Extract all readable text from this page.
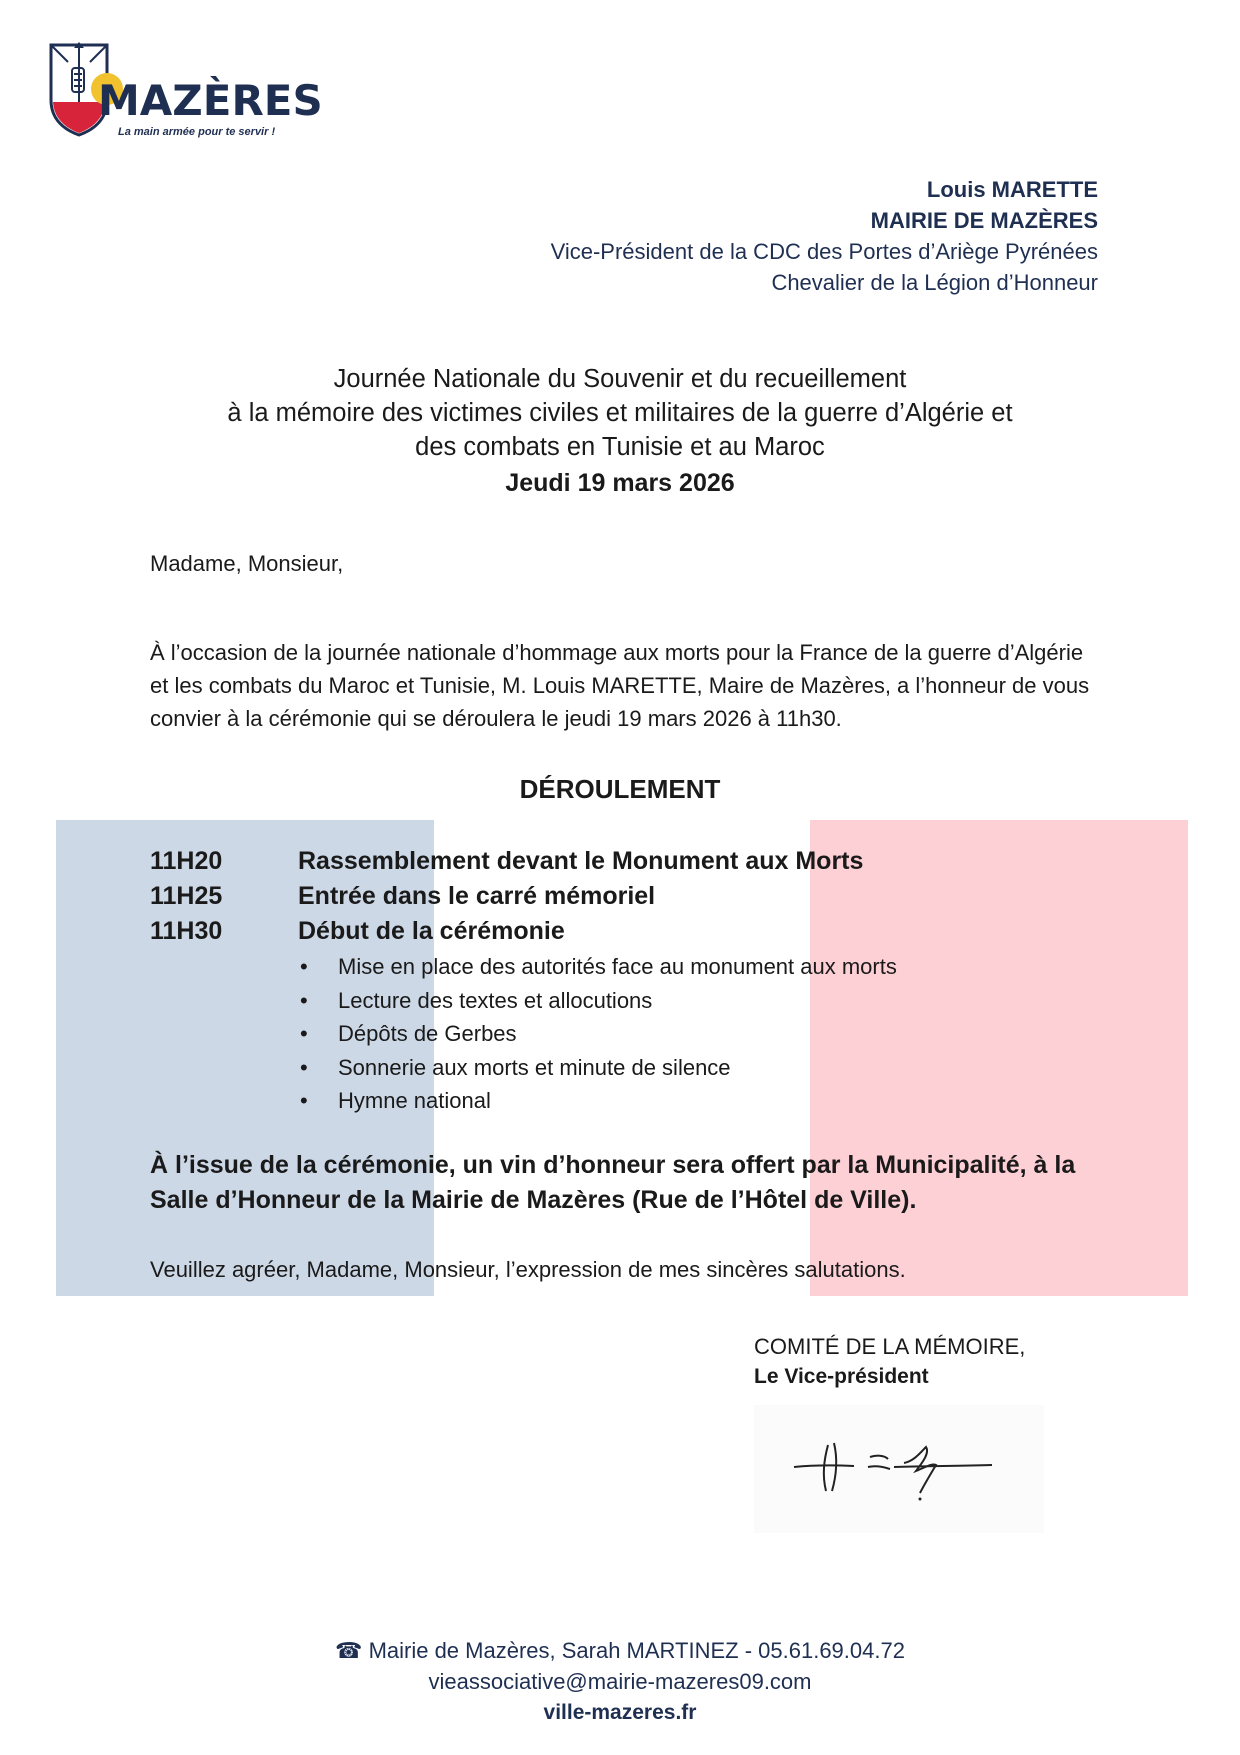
MAZÈRES
La main armée pour te servir !
Louis MARETTE
MAIRIE DE MAZÈRES
Vice-Président de la CDC des Portes d’Ariège Pyrénées
Chevalier de la Légion d’Honneur
Journée Nationale du Souvenir et du recueillement
à la mémoire des victimes civiles et militaires de la guerre d’Algérie et
des combats en Tunisie et au Maroc
Jeudi 19 mars 2026
Madame, Monsieur,
À l’occasion de la journée nationale d’hommage aux morts pour la France de la guerre d’Algérie et les combats du Maroc et Tunisie, M. Louis MARETTE, Maire de Mazères, a l’honneur de vous convier à la cérémonie qui se déroulera le jeudi 19 mars 2026 à 11h30.
DÉROULEMENT
11H20	Rassemblement devant le Monument aux Morts
11H25	Entrée dans le carré mémoriel
11H30	Début de la cérémonie
• Mise en place des autorités face au monument aux morts
• Lecture des textes et allocutions
• Dépôts de Gerbes
• Sonnerie aux morts et minute de silence
• Hymne national
À l’issue de la cérémonie, un vin d’honneur sera offert par la Municipalité, à la Salle d’Honneur de la Mairie de Mazères (Rue de l’Hôtel de Ville).
Veuillez agréer, Madame, Monsieur, l’expression de mes sincères salutations.
COMITÉ DE LA MÉMOIRE,
Le Vice-président
☎ Mairie de Mazères, Sarah MARTINEZ - 05.61.69.04.72
vieassociative@mairie-mazeres09.com
ville-mazeres.fr
